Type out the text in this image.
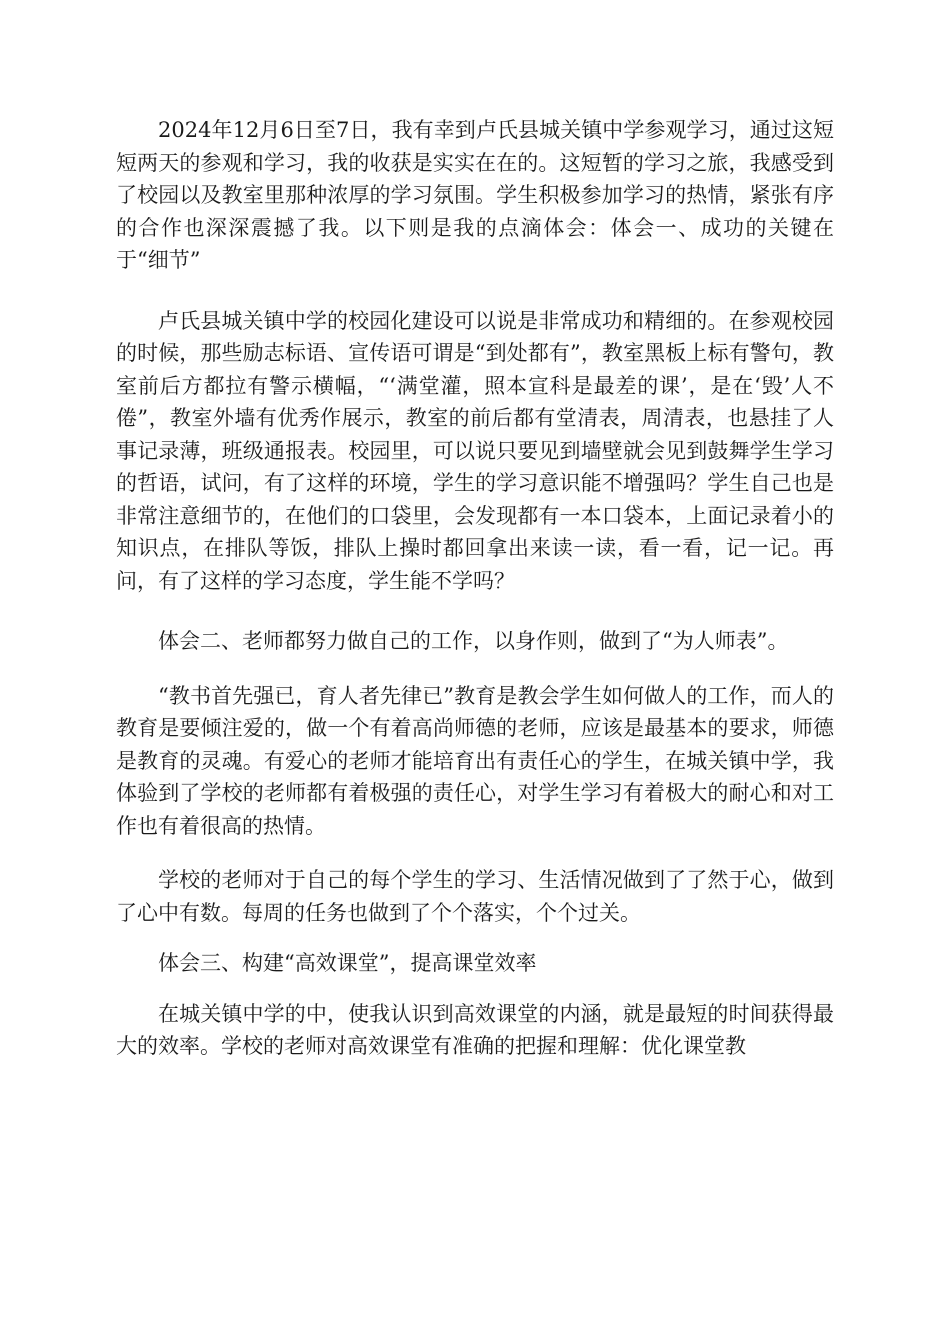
2024年12月6日至7日，我有幸到卢氏县城关镇中学参观学习，通过这短短两天的参观和学习，我的收获是实实在在的。这短暂的学习之旅，我感受到了校园以及教室里那种浓厚的学习氛围。学生积极参加学习的热情，紧张有序的合作也深深震撼了我。以下则是我的点滴体会：体会一、成功的关键在于“细节”

卢氏县城关镇中学的校园化建设可以说是非常成功和精细的。在参观校园的时候，那些励志标语、宣传语可谓是“到处都有”，教室黑板上标有警句，教室前后方都拉有警示横幅，“‘满堂灌，照本宣科是最差的课’，是在‘毁’人不倦”，教室外墙有优秀作展示，教室的前后都有堂清表，周清表，也悬挂了人事记录薄，班级通报表。校园里，可以说只要见到墙壁就会见到鼓舞学生学习的哲语，试问，有了这样的环境，学生的学习意识能不增强吗？学生自己也是非常注意细节的，在他们的口袋里，会发现都有一本口袋本，上面记录着小的知识点，在排队等饭，排队上操时都回拿出来读一读，看一看，记一记。再问，有了这样的学习态度，学生能不学吗？

体会二、老师都努力做自己的工作，以身作则，做到了“为人师表”。

“教书首先强已，育人者先律已”教育是教会学生如何做人的工作，而人的教育是要倾注爱的，做一个有着高尚师德的老师，应该是最基本的要求，师德是教育的灵魂。有爱心的老师才能培育出有责任心的学生，在城关镇中学，我体验到了学校的老师都有着极强的责任心，对学生学习有着极大的耐心和对工作也有着很高的热情。

学校的老师对于自己的每个学生的学习、生活情况做到了了然于心，做到了心中有数。每周的任务也做到了个个落实，个个过关。

体会三、构建“高效课堂”，提高课堂效率

在城关镇中学的中，使我认识到高效课堂的内涵，就是最短的时间获得最大的效率。学校的老师对高效课堂有准确的把握和理解：优化课堂教
